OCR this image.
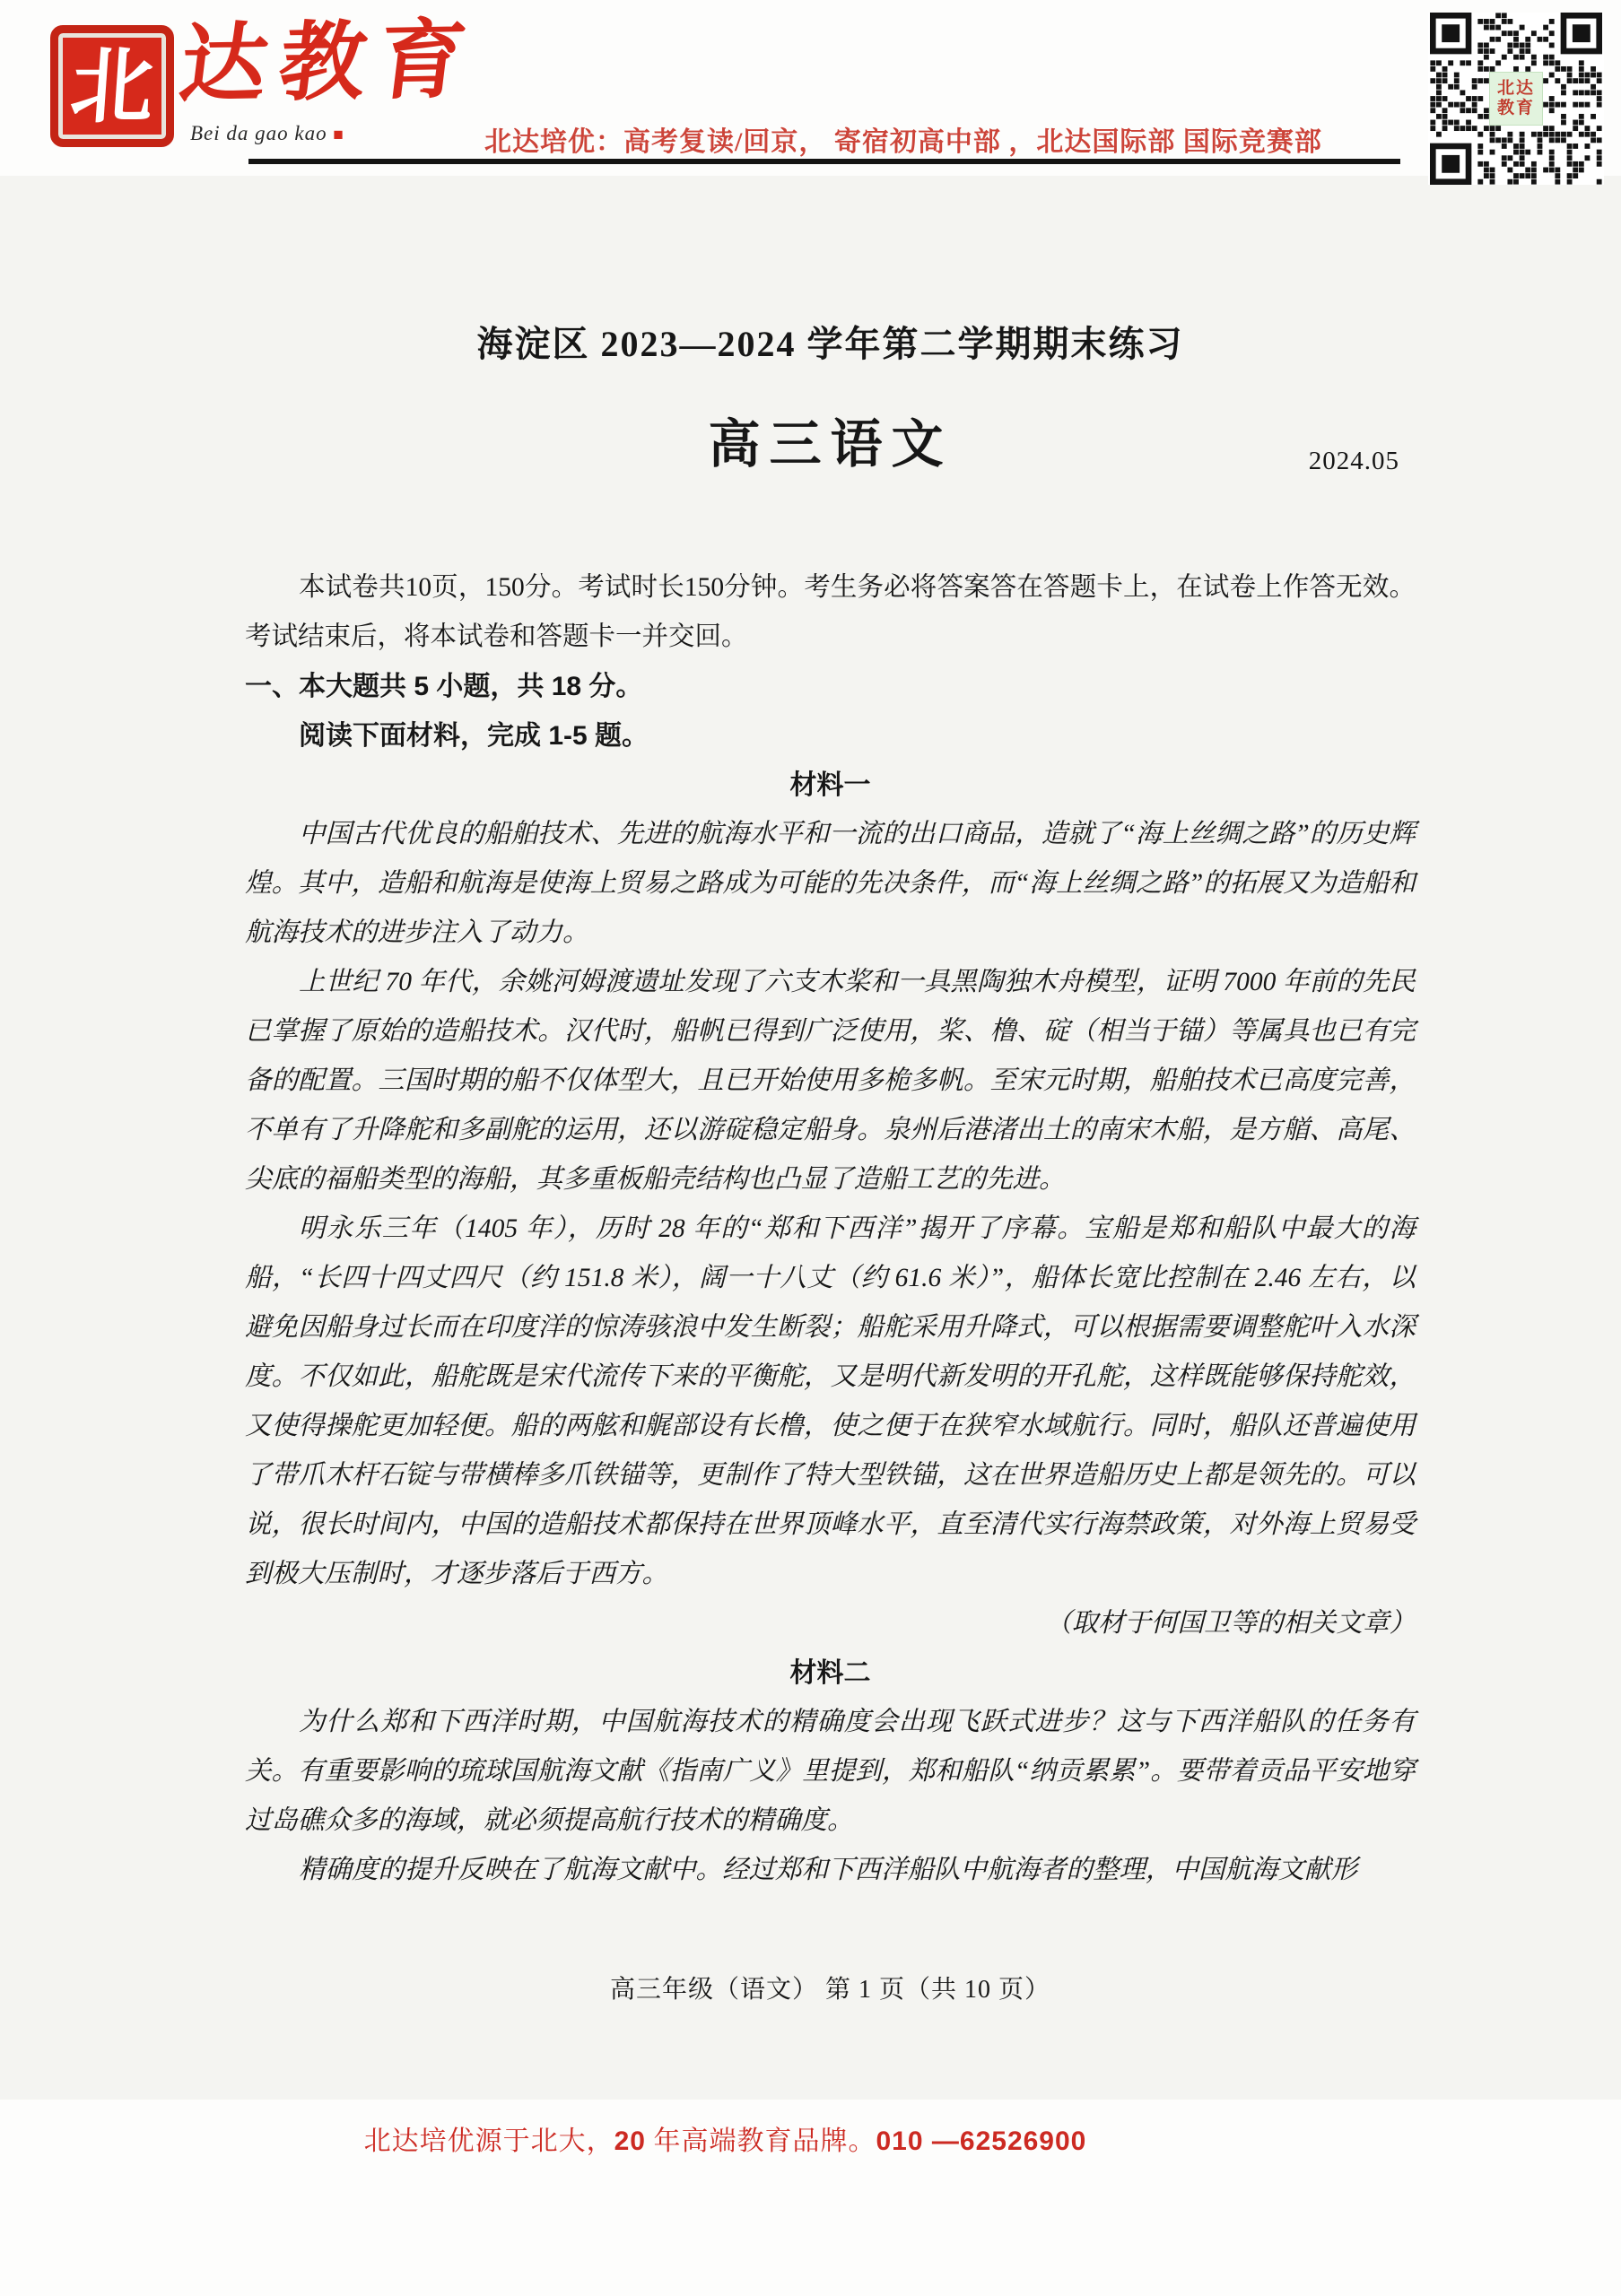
北 达教育
Bei da gao kao ■	北达培优：高考复读/回京， 寄宿初高中部 ，北达国际部 国际竞赛部
北达
教育
海淀区 2023—2024 学年第二学期期末练习
高三语文	2024.05

本试卷共10页，150分。考试时长150分钟。考生务必将答案答在答题卡上，在试卷上作答无效。考试结束后，将本试卷和答题卡一并交回。

一、本大题共 5 小题，共 18 分。

阅读下面材料，完成 1-5 题。

材料一

中国古代优良的船舶技术、先进的航海水平和一流的出口商品，造就了“海上丝绸之路”的历史辉煌。其中，造船和航海是使海上贸易之路成为可能的先决条件，而“海上丝绸之路”的拓展又为造船和航海技术的进步注入了动力。

上世纪 70 年代，余姚河姆渡遗址发现了六支木桨和一具黑陶独木舟模型，证明 7000 年前的先民已掌握了原始的造船技术。汉代时，船帆已得到广泛使用，桨、橹、碇（相当于锚）等属具也已有完备的配置。三国时期的船不仅体型大，且已开始使用多桅多帆。至宋元时期，船舶技术已高度完善，不单有了升降舵和多副舵的运用，还以游碇稳定船身。泉州后港渚出土的南宋木船，是方艏、高尾、尖底的福船类型的海船，其多重板船壳结构也凸显了造船工艺的先进。

明永乐三年（1405 年），历时 28 年的“郑和下西洋”揭开了序幕。宝船是郑和船队中最大的海船，“长四十四丈四尺（约 151.8 米），阔一十八丈（约 61.6 米）”，船体长宽比控制在 2.46 左右，以避免因船身过长而在印度洋的惊涛骇浪中发生断裂；船舵采用升降式，可以根据需要调整舵叶入水深度。不仅如此，船舵既是宋代流传下来的平衡舵，又是明代新发明的开孔舵，这样既能够保持舵效，又使得操舵更加轻便。船的两舷和艉部设有长橹，使之便于在狭窄水域航行。同时，船队还普遍使用了带爪木杆石锭与带横棒多爪铁锚等，更制作了特大型铁锚，这在世界造船历史上都是领先的。可以说，很长时间内，中国的造船技术都保持在世界顶峰水平，直至清代实行海禁政策，对外海上贸易受到极大压制时，才逐步落后于西方。

（取材于何国卫等的相关文章）

材料二

为什么郑和下西洋时期，中国航海技术的精确度会出现飞跃式进步？这与下西洋船队的任务有关。有重要影响的琉球国航海文献《指南广义》里提到，郑和船队“纳贡累累”。要带着贡品平安地穿过岛礁众多的海域，就必须提高航行技术的精确度。

精确度的提升反映在了航海文献中。经过郑和下西洋船队中航海者的整理，中国航海文献形

高三年级（语文） 第 1 页（共 10 页）
北达培优源于北大，20 年高端教育品牌。010 —62526900
